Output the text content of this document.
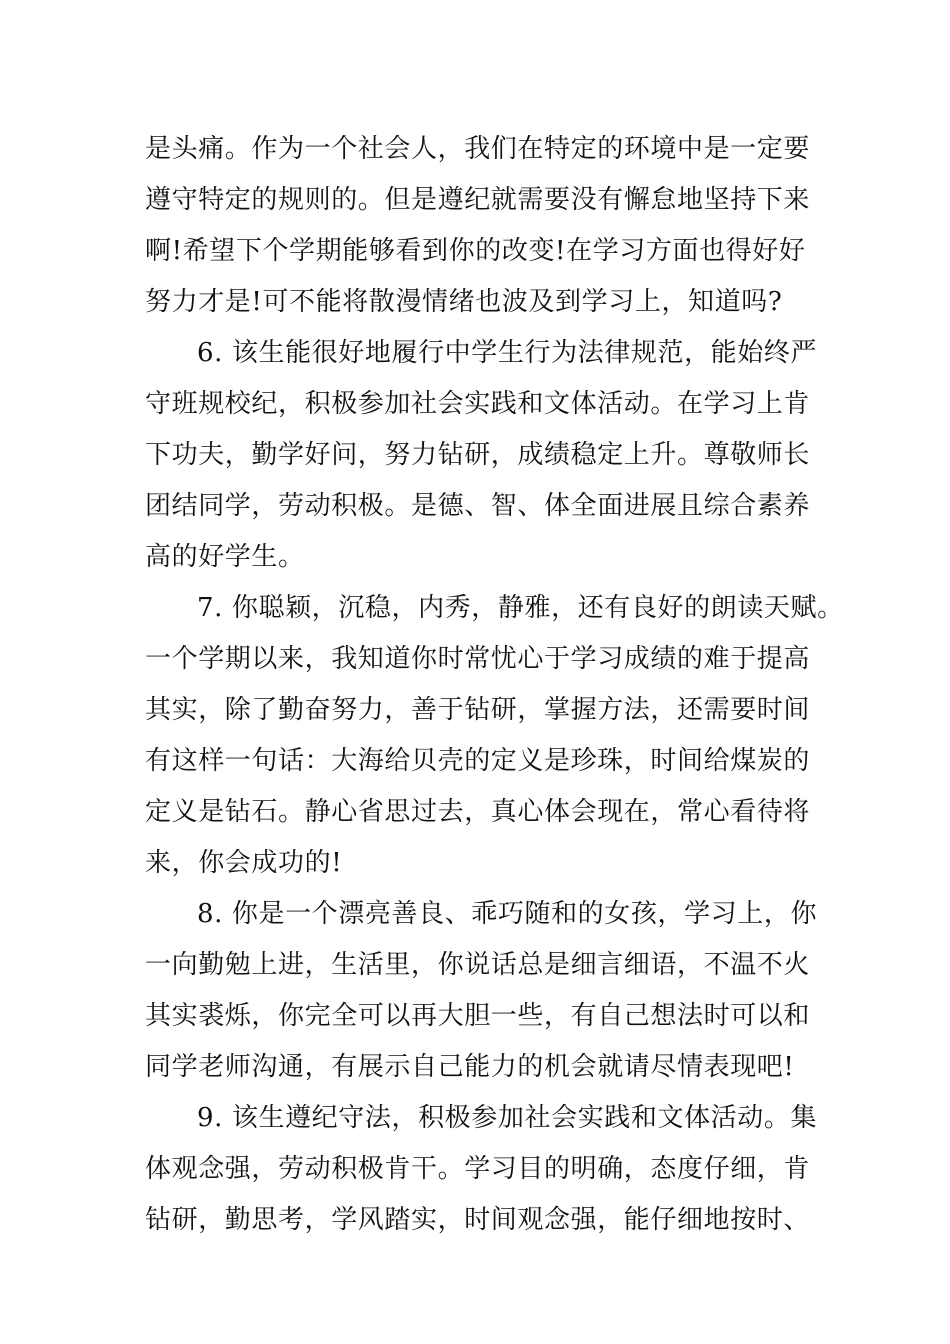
是头痛。作为一个社会人，我们在特定的环境中是一定要
遵守特定的规则的。但是遵纪就需要没有懈怠地坚持下来
啊!希望下个学期能够看到你的改变!在学习方面也得好好
努力才是!可不能将散漫情绪也波及到学习上，知道吗?
6. 该生能很好地履行中学生行为法律规范，能始终严
守班规校纪，积极参加社会实践和文体活动。在学习上肯
下功夫，勤学好问，努力钻研，成绩稳定上升。尊敬师长
团结同学，劳动积极。是德、智、体全面进展且综合素养
高的好学生。
7. 你聪颖，沉稳，内秀，静雅，还有良好的朗读天赋。
一个学期以来，我知道你时常忧心于学习成绩的难于提高
其实，除了勤奋努力，善于钻研，掌握方法，还需要时间
有这样一句话：大海给贝壳的定义是珍珠，时间给煤炭的
定义是钻石。静心省思过去，真心体会现在，常心看待将
来，你会成功的!
8. 你是一个漂亮善良、乖巧随和的女孩，学习上，你
一向勤勉上进，生活里，你说话总是细言细语，不温不火
其实裘烁，你完全可以再大胆一些，有自己想法时可以和
同学老师沟通，有展示自己能力的机会就请尽情表现吧!
9. 该生遵纪守法，积极参加社会实践和文体活动。集
体观念强，劳动积极肯干。学习目的明确，态度仔细，肯
钻研，勤思考，学风踏实，时间观念强，能仔细地按时、
